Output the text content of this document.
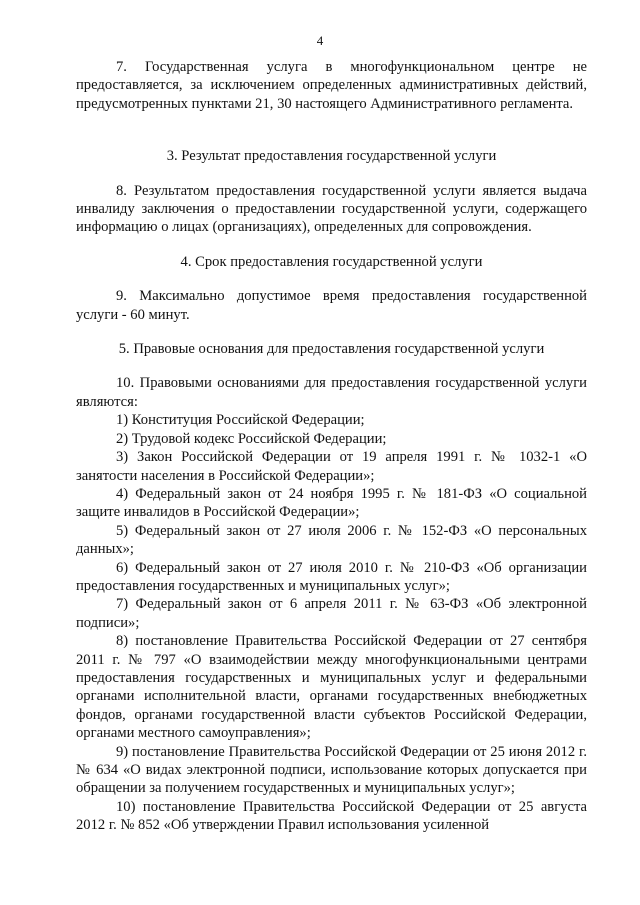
4

7. Государственная услуга в многофункциональном центре не предоставляется, за исключением определенных административных действий, предусмотренных пунктами 21, 30 настоящего Административного регламента.

3. Результат предоставления государственной услуги

8. Результатом предоставления государственной услуги является выдача инвалиду заключения о предоставлении государственной услуги, содержащего информацию о лицах (организациях), определенных для сопровождения.

4. Срок предоставления государственной услуги

9. Максимально допустимое время предоставления государственной услуги - 60 минут.

5. Правовые основания для предоставления государственной услуги

10. Правовыми основаниями для предоставления государственной услуги являются:

1) Конституция Российской Федерации;
2) Трудовой кодекс Российской Федерации;
3) Закон Российской Федерации от 19 апреля 1991 г. № 1032-1 «О занятости населения в Российской Федерации»;
4) Федеральный закон от 24 ноября 1995 г. № 181-ФЗ «О социальной защите инвалидов в Российской Федерации»;
5) Федеральный закон от 27 июля 2006 г. № 152-ФЗ «О персональных данных»;
6) Федеральный закон от 27 июля 2010 г. № 210-ФЗ «Об организации предоставления государственных и муниципальных услуг»;
7) Федеральный закон от 6 апреля 2011 г. № 63-ФЗ «Об электронной подписи»;
8) постановление Правительства Российской Федерации от 27 сентября 2011 г. № 797 «О взаимодействии между многофункциональными центрами предоставления государственных и муниципальных услуг и федеральными органами исполнительной власти, органами государственных внебюджетных фондов, органами государственной власти субъектов Российской Федерации, органами местного самоуправления»;
9) постановление Правительства Российской Федерации от 25 июня 2012 г. № 634 «О видах электронной подписи, использование которых допускается при обращении за получением государственных и муниципальных услуг»;
10) постановление Правительства Российской Федерации от 25 августа 2012 г. № 852 «Об утверждении Правил использования усиленной
